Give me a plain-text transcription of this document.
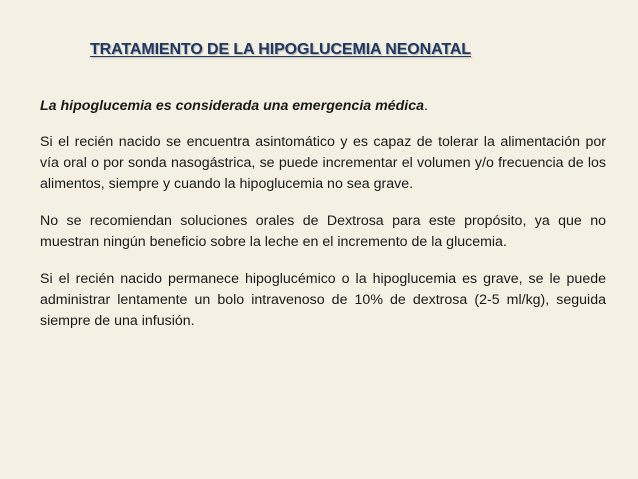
TRATAMIENTO DE LA HIPOGLUCEMIA NEONATAL

La hipoglucemia es considerada una emergencia médica.

Si el recién nacido se encuentra asintomático y es capaz de tolerar la alimentación por vía oral o por sonda nasogástrica, se puede incrementar el volumen y/o frecuencia de los alimentos, siempre y cuando la hipoglucemia no sea grave.

No se recomiendan soluciones orales de Dextrosa para este propósito, ya que no muestran ningún beneficio sobre la leche en el incremento de la glucemia.

Si el recién nacido permanece hipoglucémico o la hipoglucemia es grave, se le puede administrar lentamente un bolo intravenoso de 10% de dextrosa (2-5 ml/kg), seguida siempre de una infusión.
